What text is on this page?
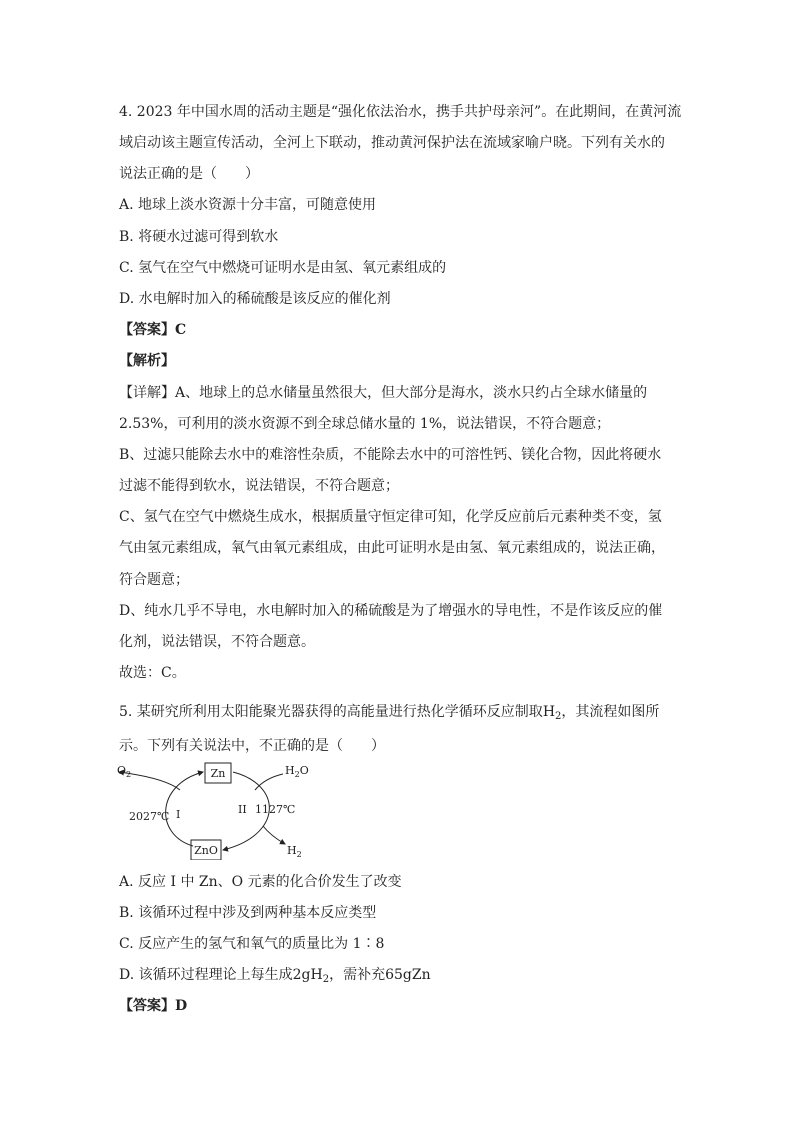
4. 2023 年中国水周的活动主题是“强化依法治水，携手共护母亲河”。在此期间，在黄河流
域启动该主题宣传活动，全河上下联动，推动黄河保护法在流域家喻户晓。下列有关水的
说法正确的是（　　）
A. 地球上淡水资源十分丰富，可随意使用
B. 将硬水过滤可得到软水
C. 氢气在空气中燃烧可证明水是由氢、氧元素组成的
D. 水电解时加入的稀硫酸是该反应的催化剂
【答案】C
【解析】
【详解】A、地球上的总水储量虽然很大，但大部分是海水，淡水只约占全球水储量的
2.53%，可利用的淡水资源不到全球总储水量的 1%，说法错误，不符合题意；
B、过滤只能除去水中的难溶性杂质，不能除去水中的可溶性钙、镁化合物，因此将硬水
过滤不能得到软水，说法错误，不符合题意；
C、氢气在空气中燃烧生成水，根据质量守恒定律可知，化学反应前后元素种类不变，氢
气由氢元素组成，氧气由氧元素组成，由此可证明水是由氢、氧元素组成的，说法正确，
符合题意；
D、纯水几乎不导电，水电解时加入的稀硫酸是为了增强水的导电性，不是作该反应的催
化剂，说法错误，不符合题意。
故选：C。
5. 某研究所利用太阳能聚光器获得的高能量进行热化学循环反应制取$H_2$，其流程如图所
示。下列有关说法中，不正确的是（　　）
Zn
ZnO
$O_2$	$H_2O$
$H_2$
2027℃ I	II 1127℃
A. 反应 I 中 Zn、O 元素的化合价发生了改变
B. 该循环过程中涉及到两种基本反应类型
C. 反应产生的氢气和氧气的质量比为 1∶8
D. 该循环过程理论上每生成$2gH_2$，需补充65gZn
【答案】D
